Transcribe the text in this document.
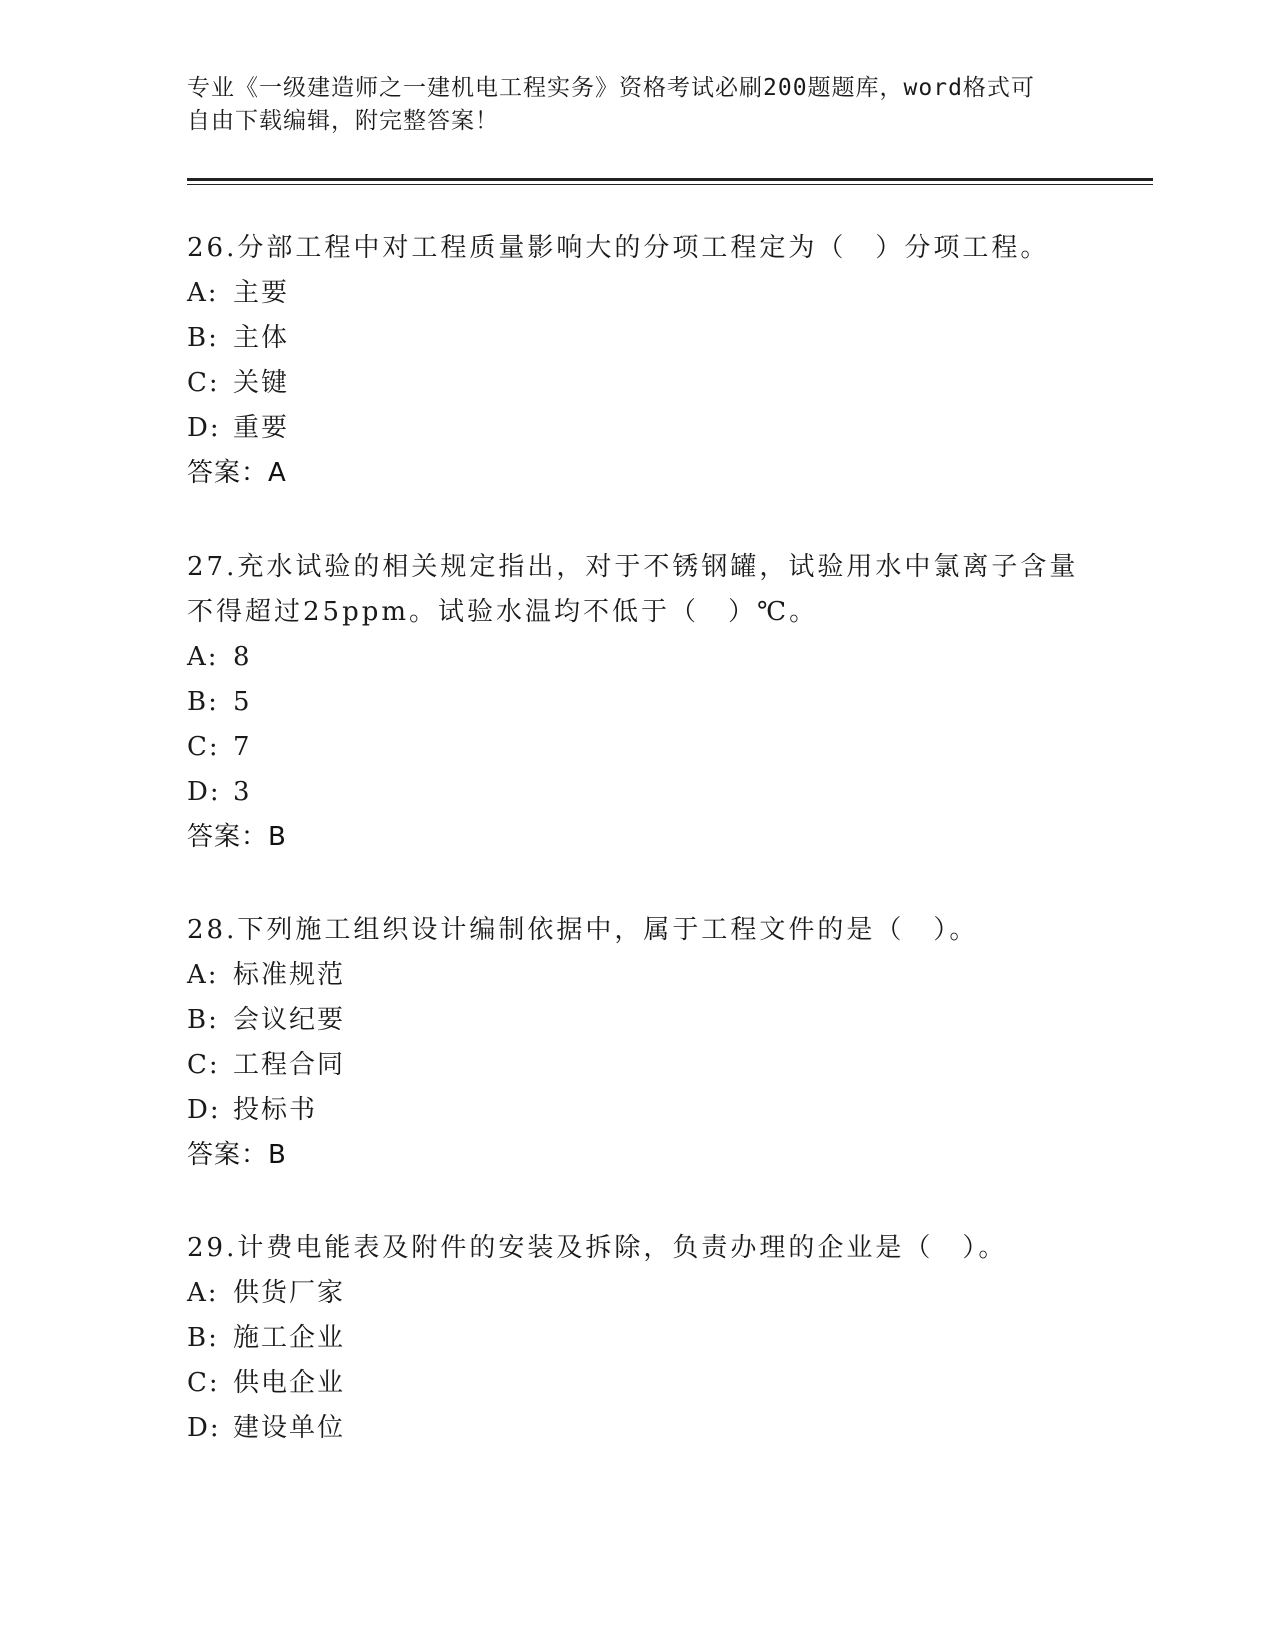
专业《一级建造师之一建机电工程实务》资格考试必刷200题题库，word格式可
自由下载编辑，附完整答案！
26.分部工程中对工程质量影响大的分项工程定为（　）分项工程。
A: 主要
B: 主体
C: 关键
D: 重要
答案：A
27.充水试验的相关规定指出，对于不锈钢罐，试验用水中氯离子含量
不得超过25ppm。试验水温均不低于（　）℃。
A: 8
B: 5
C: 7
D: 3
答案：B
28.下列施工组织设计编制依据中，属于工程文件的是（　）。
A: 标准规范
B: 会议纪要
C: 工程合同
D: 投标书
答案：B
29.计费电能表及附件的安装及拆除，负责办理的企业是（　）。
A: 供货厂家
B: 施工企业
C: 供电企业
D: 建设单位
